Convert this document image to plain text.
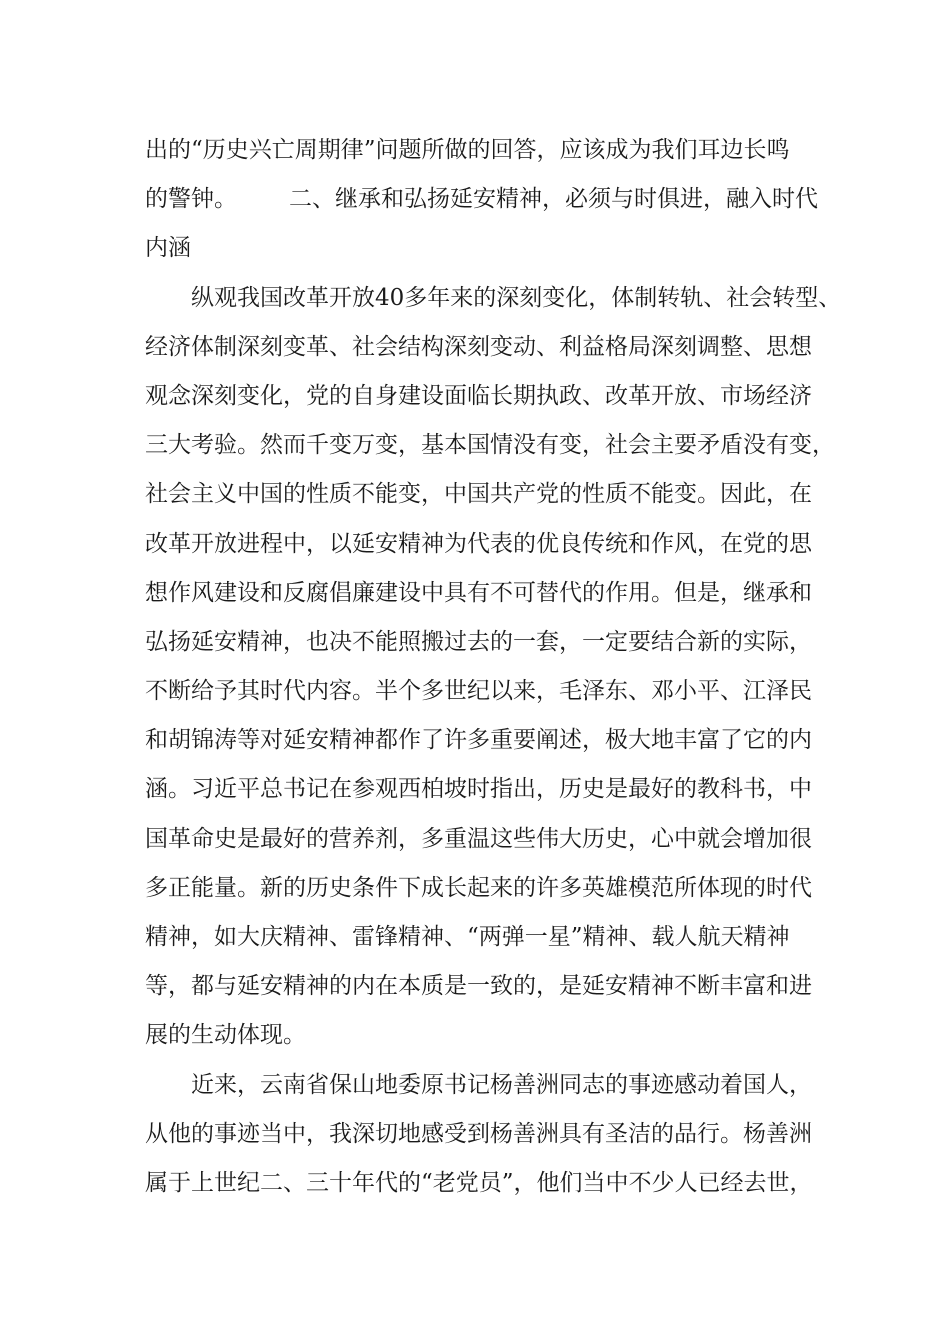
出的“历史兴亡周期律”问题所做的回答，应该成为我们耳边长鸣
的警钟。 二、继承和弘扬延安精神，必须与时俱进，融入时代
内涵
纵观我国改革开放40多年来的深刻变化，体制转轨、社会转型、
经济体制深刻变革、社会结构深刻变动、利益格局深刻调整、思想
观念深刻变化，党的自身建设面临长期执政、改革开放、市场经济
三大考验。然而千变万变，基本国情没有变，社会主要矛盾没有变，
社会主义中国的性质不能变，中国共产党的性质不能变。因此，在
改革开放进程中，以延安精神为代表的优良传统和作风，在党的思
想作风建设和反腐倡廉建设中具有不可替代的作用。但是，继承和
弘扬延安精神，也决不能照搬过去的一套，一定要结合新的实际，
不断给予其时代内容。半个多世纪以来，毛泽东、邓小平、江泽民
和胡锦涛等对延安精神都作了许多重要阐述，极大地丰富了它的内
涵。习近平总书记在参观西柏坡时指出，历史是最好的教科书，中
国革命史是最好的营养剂，多重温这些伟大历史，心中就会增加很
多正能量。新的历史条件下成长起来的许多英雄模范所体现的时代
精神，如大庆精神、雷锋精神、“两弹一星”精神、载人航天精神
等，都与延安精神的内在本质是一致的，是延安精神不断丰富和进
展的生动体现。
近来，云南省保山地委原书记杨善洲同志的事迹感动着国人，
从他的事迹当中，我深切地感受到杨善洲具有圣洁的品行。杨善洲
属于上世纪二、三十年代的“老党员”，他们当中不少人已经去世，
